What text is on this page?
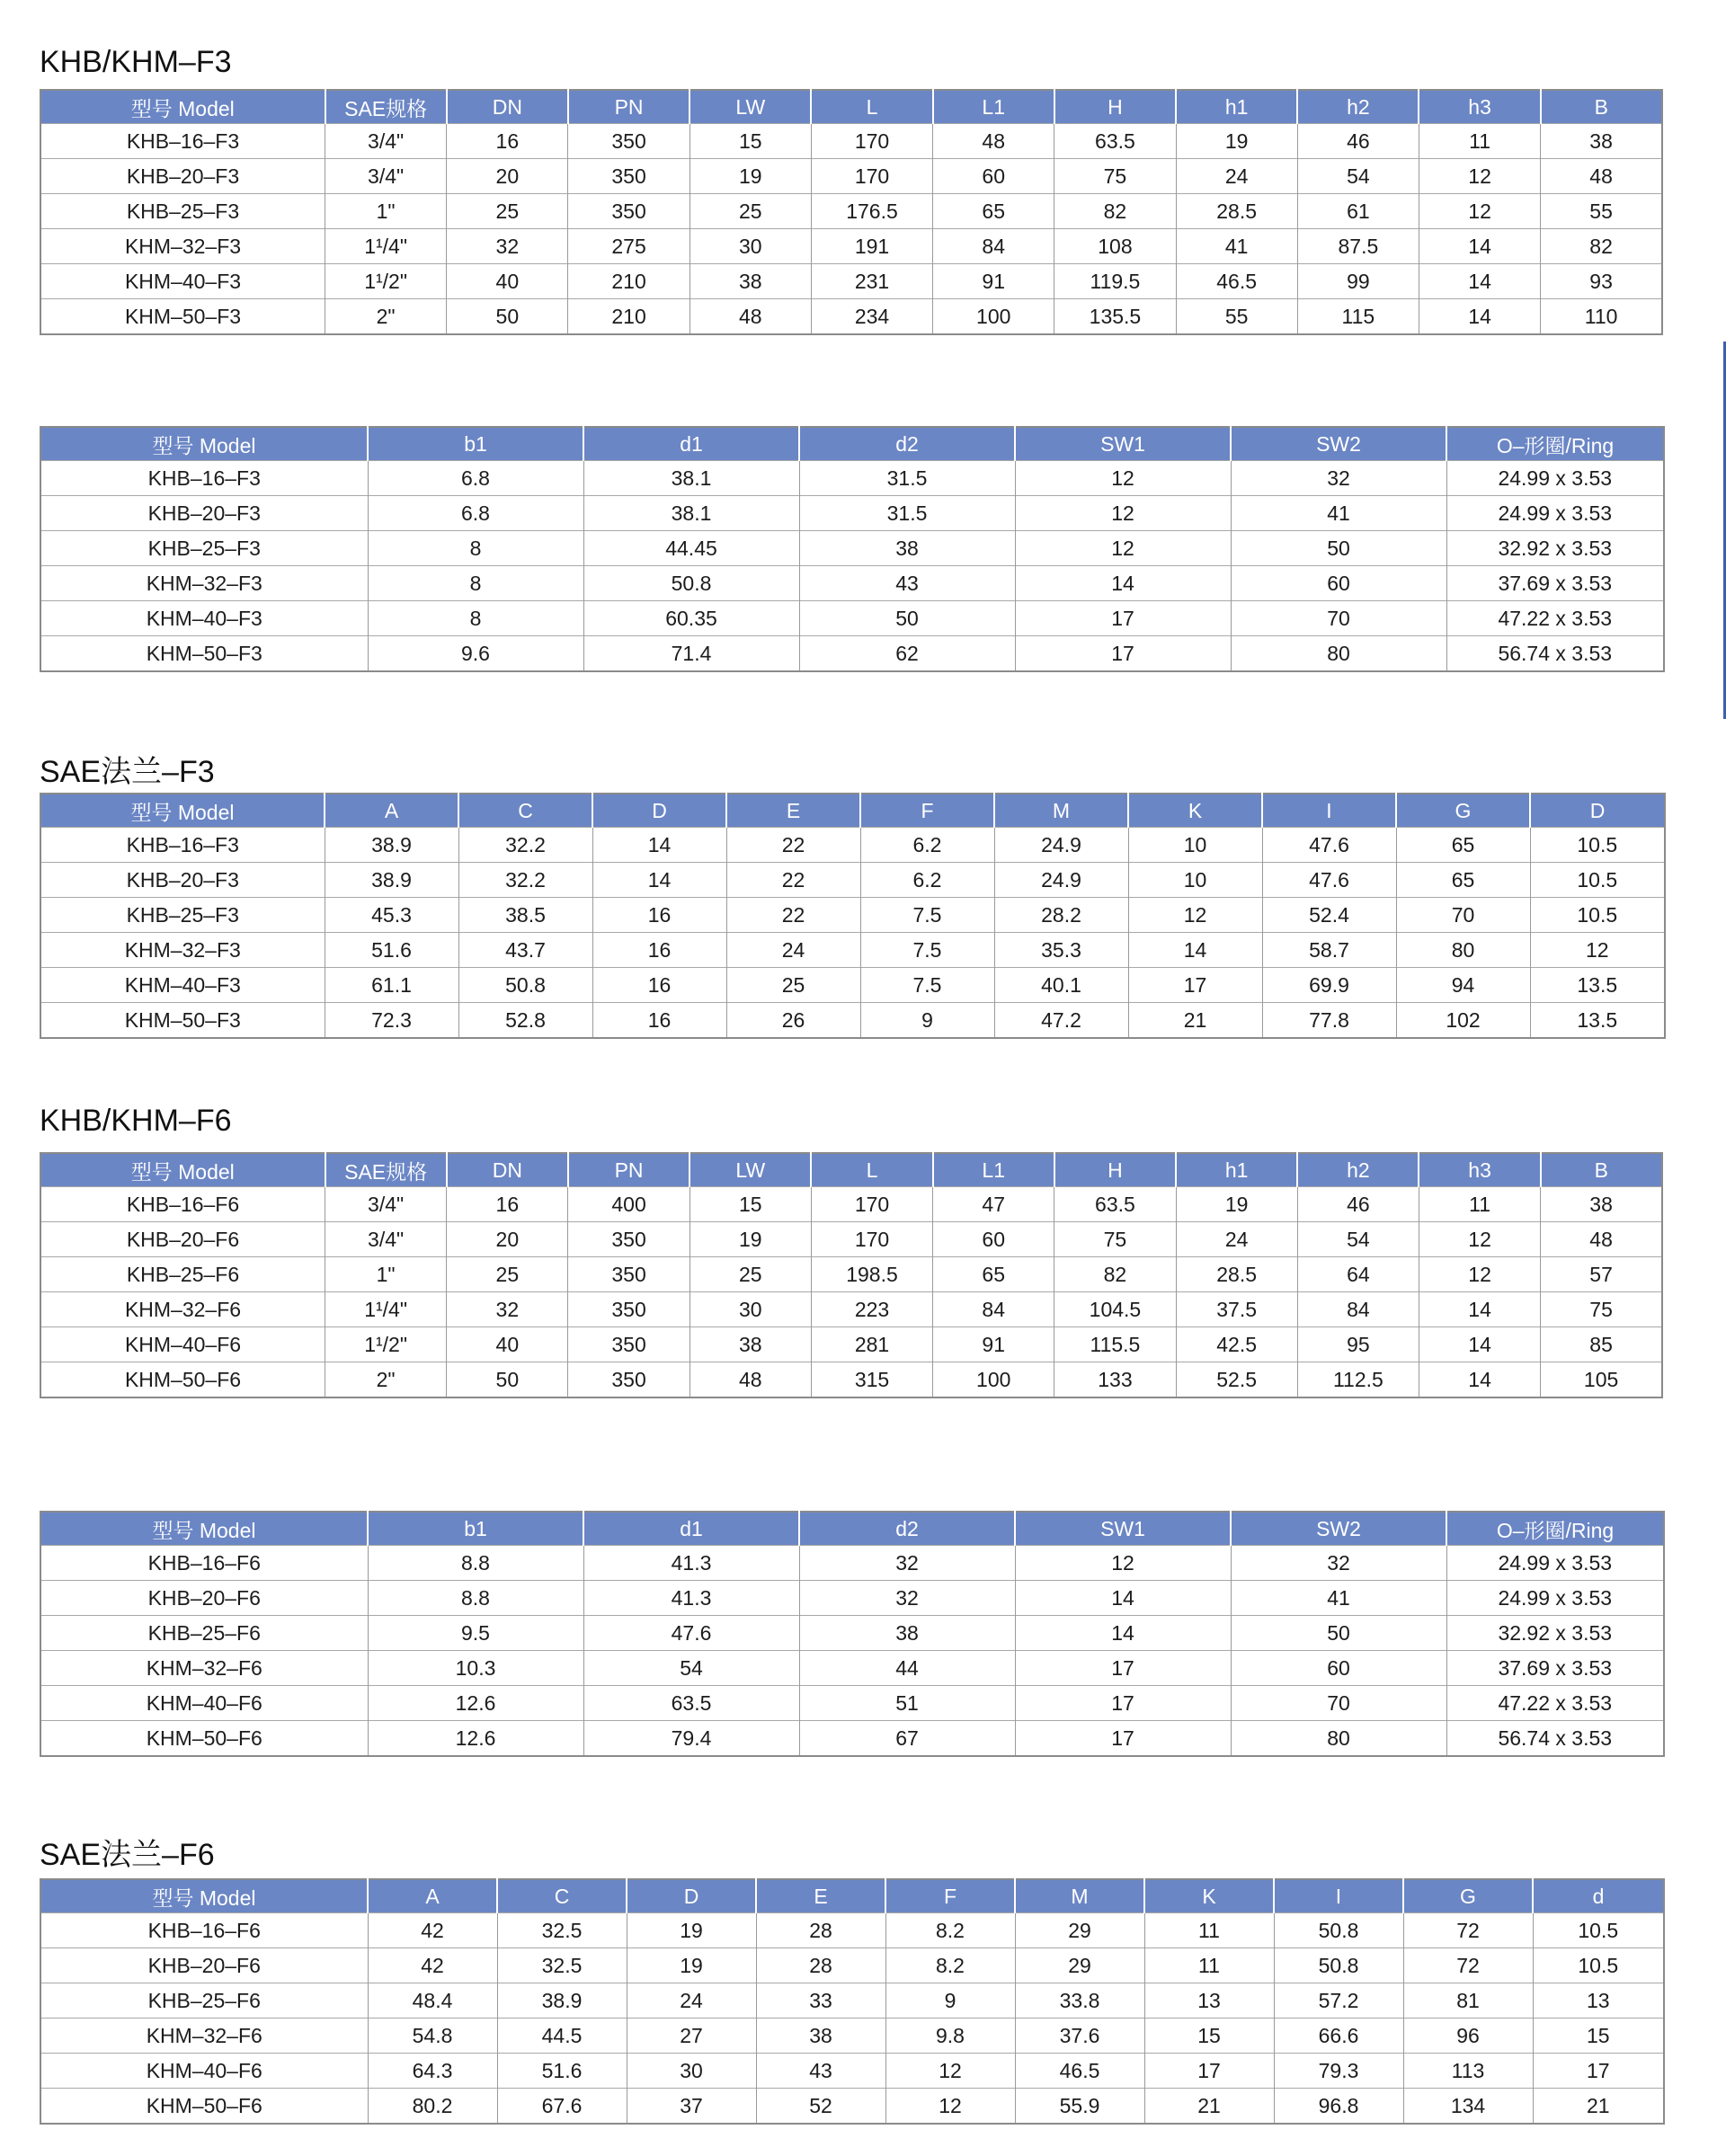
KHB/KHM–F3
型号 Model	SAE规格	DN	PN	LW	L	L1	H	h1	h2	h3	B
KHB–16–F3	3/4"	16	350	15	170	48	63.5	19	46	11	38
KHB–20–F3	3/4"	20	350	19	170	60	75	24	54	12	48
KHB–25–F3	1"	25	350	25	176.5	65	82	28.5	61	12	55
KHM–32–F3	1¹/4"	32	275	30	191	84	108	41	87.5	14	82
KHM–40–F3	1¹/2"	40	210	38	231	91	119.5	46.5	99	14	93
KHM–50–F3	2"	50	210	48	234	100	135.5	55	115	14	110
型号 Model	b1	d1	d2	SW1	SW2	O–形圈/Ring
KHB–16–F3	6.8	38.1	31.5	12	32	24.99 x 3.53
KHB–20–F3	6.8	38.1	31.5	12	41	24.99 x 3.53
KHB–25–F3	8	44.45	38	12	50	32.92 x 3.53
KHM–32–F3	8	50.8	43	14	60	37.69 x 3.53
KHM–40–F3	8	60.35	50	17	70	47.22 x 3.53
KHM–50–F3	9.6	71.4	62	17	80	56.74 x 3.53
SAE法兰–F3
型号 Model	A	C	D	E	F	M	K	I	G	D
KHB–16–F3	38.9	32.2	14	22	6.2	24.9	10	47.6	65	10.5
KHB–20–F3	38.9	32.2	14	22	6.2	24.9	10	47.6	65	10.5
KHB–25–F3	45.3	38.5	16	22	7.5	28.2	12	52.4	70	10.5
KHM–32–F3	51.6	43.7	16	24	7.5	35.3	14	58.7	80	12
KHM–40–F3	61.1	50.8	16	25	7.5	40.1	17	69.9	94	13.5
KHM–50–F3	72.3	52.8	16	26	9	47.2	21	77.8	102	13.5
KHB/KHM–F6
型号 Model	SAE规格	DN	PN	LW	L	L1	H	h1	h2	h3	B
KHB–16–F6	3/4"	16	400	15	170	47	63.5	19	46	11	38
KHB–20–F6	3/4"	20	350	19	170	60	75	24	54	12	48
KHB–25–F6	1"	25	350	25	198.5	65	82	28.5	64	12	57
KHM–32–F6	1¹/4"	32	350	30	223	84	104.5	37.5	84	14	75
KHM–40–F6	1¹/2"	40	350	38	281	91	115.5	42.5	95	14	85
KHM–50–F6	2"	50	350	48	315	100	133	52.5	112.5	14	105
型号 Model	b1	d1	d2	SW1	SW2	O–形圈/Ring
KHB–16–F6	8.8	41.3	32	12	32	24.99 x 3.53
KHB–20–F6	8.8	41.3	32	14	41	24.99 x 3.53
KHB–25–F6	9.5	47.6	38	14	50	32.92 x 3.53
KHM–32–F6	10.3	54	44	17	60	37.69 x 3.53
KHM–40–F6	12.6	63.5	51	17	70	47.22 x 3.53
KHM–50–F6	12.6	79.4	67	17	80	56.74 x 3.53
SAE法兰–F6
型号 Model	A	C	D	E	F	M	K	I	G	d
KHB–16–F6	42	32.5	19	28	8.2	29	11	50.8	72	10.5
KHB–20–F6	42	32.5	19	28	8.2	29	11	50.8	72	10.5
KHB–25–F6	48.4	38.9	24	33	9	33.8	13	57.2	81	13
KHM–32–F6	54.8	44.5	27	38	9.8	37.6	15	66.6	96	15
KHM–40–F6	64.3	51.6	30	43	12	46.5	17	79.3	113	17
KHM–50–F6	80.2	67.6	37	52	12	55.9	21	96.8	134	21
